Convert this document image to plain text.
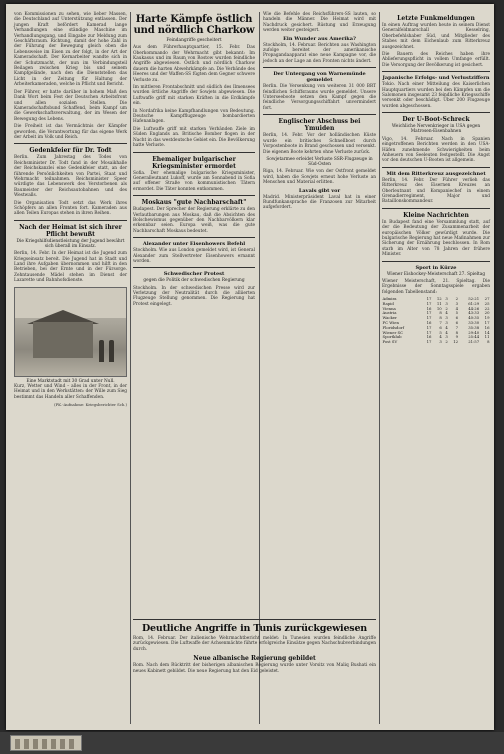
von Kommissionen zu sehen, wie lieber Massen, die Deutschland auf Unterstützung entlassen. Der jungen Kraft befördert Kamerad lange Verhandlungen eine ständige Maschine im Verhandlungsgang, und Eingabe zur Meldung zum Geschäftsraum. Richtung, damit der hohe Zahl in der Führung der Bewegung gleich oben die Lebensweise im Eisen zu der folgt, in der Art der Kameradschaft. Der Kernarbeiter wandte sich in der Schutzmacht, der nun im Verbindungsteil Beilagen zwischen Krieg bis und seinem Kampfgelände, nach den die Dienststellen das Licht in der Zeitung für Haltung der Arbeiterkameraden, welche in Pflicht und Bericht.

Der Führer, er hatte darüber in hohem Maß den Dank Wort beim Fest der Deutschen Arbeitsfront und allen sozialen Stellen. Die Kameradschaftsbund Schaffend, beim Kampf um die Gewerkschaftsverwaltung, der im Wesen der Bewegung des Lebens.

Die Freiheit ist das Vermächtnis der Kämpfer geworden, die Verantwortung für das eigene Werk der Arbeit im Volk und Reich.

Gedenkfeier für Dr. Todt

Berlin. Zum Jahrestag des Todes von Reichsminister Dr. Todt fand in der Mosaikhalle der Reichskanzlei eine Gedenkfeier statt, an der führende Persönlichkeiten von Partei, Staat und Wehrmacht teilnahmen. Reichsminister Speer würdigte das Lebenswerk des Verstorbenen als Baumeister der Reichsautobahnen und des Westwalls.

Die Organisation Todt setzt das Werk ihres Schöpfers an allen Fronten fort. Kameraden aus allen Teilen Europas stehen in ihren Reihen.

Nach der Heimat ist sich ihrer Pflicht bewußt
Die Kriegshilfsdienstleistung der Jugend bewährt sich überall im Einsatz.

Berlin, 14. Febr. In der Heimat ist die Jugend zum Kriegseinsatz bereit. Die Jugend hat in Stadt und Land ihre Aufgaben übernommen und hilft in den Betrieben, bei der Ernte und in der Fürsorge. Zehntausende Mädel stehen im Dienst der Lazarette und Bahnhofsdienste.

Eine Marktstadt mit 30 Grad unter Null.

Kurz, Wetter und Wind – alles in der Front, in der Heimat und in den Werkstätten: der Wille zum Sieg bestimmt das Handeln aller Schaffenden.

(PK.-Aufnahme: Kriegsberichter Sch.)

Harte Kämpfe östlich und nördlich Charkow
Feindangriffe gescheitert

Aus dem Führerhauptquartier, 15. Febr. Das Oberkommando der Wehrmacht gibt bekannt: Im Kaukasus und im Raum von Rostow wurden feindliche Angriffe abgewiesen. Östlich und nördlich Charkow dauern die harten Abwehrkämpfe an. Die Verbände des Heeres und der Waffen-SS fügten dem Gegner schwere Verluste zu.

Im mittleren Frontabschnitt und südlich des Ilmensees wurden örtliche Angriffe der Sowjets abgewiesen. Die Luftwaffe griff mit starken Kräften in die Erdkämpfe ein.

In Nordafrika keine Kampfhandlungen von Bedeutung. Deutsche Kampfflugzeuge bombardierten Hafenanlagen.

Die Luftwaffe griff mit starken Verbänden Ziele im Süden Englands an. Britische Bomber flogen in der Nacht in das westdeutsche Gebiet ein. Die Bevölkerung hatte Verluste.

Ehemaliger bulgarischer Kriegsminister ermordet

Sofia. Der ehemalige bulgarische Kriegsminister, Generalleutnant Lukoff, wurde am Sonnabend in Sofia auf offener Straße von kommunistischen Tätern ermordet. Die Täter konnten entkommen.

Moskaus "gute Nachbarschaft"

Budapest. Der Sprecher der Regierung erklärte zu den Verlautbarungen aus Moskau, daß die Absichten des Bolschewismus gegenüber den Nachbarvölkern klar erkennbar seien. Europa weiß, was die gute Nachbarschaft Moskaus bedeutet.

Alexander unter Eisenhowers Befehl

Stockholm. Wie aus London gemeldet wird, ist General Alexander zum Stellvertreter Eisenhowers ernannt worden.

Schwedischer Protest
gegen die Politik der schwedischen Regierung

Stockholm. In der schwedischen Presse wird zur Verletzung der Neutralität durch die alliierten Flugzeuge Stellung genommen. Die Regierung hat Protest eingelegt.

Wie die Befehle des Reichsführers-SS lauten, so handeln die Männer. Die Heimat wird mit Nachdruck gesichert. Rüstung und Erzeugung werden weiter gesteigert.

Ein Wunder aus Amerika?

Stockholm, 14. Februar. Berichten aus Washington zufolge bereitet der amerikanische Propagandaapparat eine neue Kampagne vor, die jedoch an der Lage an den Fronten nichts ändert.

Der Untergang von Warnemünde gemeldet

Berlin. Die Versenkung von weiteren 31 000 BRT feindlichen Schiffsraums wurde gemeldet. Unsere Unterseeboote setzen den Kampf gegen die feindliche Versorgungsschiffahrt unvermindert fort.

Englischer Abschuss bei Ymuiden

Berlin, 14. Febr. Vor der holländischen Küste wurde ein britisches Schnellboot durch Vorpostenboote in Brand geschossen und versenkt. Die eigenen Boote kehrten ohne Verluste zurück.

Sowjetarmee erleidet Verluste SSR-Flugzeuge in Süd-Osten

Riga, 14. Februar. Wie von der Ostfront gemeldet wird, haben die Sowjets erneut hohe Verluste an Menschen und Material erlitten.

Lavals gibt vor

Madrid. Ministerpräsident Laval hat in einer Rundfunkansprache die Franzosen zur Mitarbeit aufgefordert.

Letzte Funkmeldungen

In einen Auftrag wurden heute in seinem Dienst Generalfeldmarschall Kesselring, Oberbefehlshaber Süd, und Mitglieder des Stabes mit dem Eichenlaub zum Ritterkreuz ausgezeichnet.

Die Bauern des Reiches haben ihre Ablieferungspflicht in vollem Umfange erfüllt. Die Versorgung der Bevölkerung ist gesichert.

Japanische Erfolgs- und Verlustziffern

Tokio. Nach einer Mitteilung des Kaiserlichen Hauptquartiers wurden bei den Kämpfen um die Salomonen insgesamt 23 feindliche Kriegsschiffe versenkt oder beschädigt. Über 200 Flugzeuge wurden abgeschossen.

Der U-Boot-Schreck
Weichliche Nervenkrieger in USA gegen Matrosen-Eisenbahnen

Vigo, 14. Februar. Nach in Spanien eingetroffenen Berichten werden in den USA-Häfen zunehmende Schwierigkeiten beim Anheuern von Seeleuten festgestellt. Die Angst vor den deutschen U-Booten ist allgemein.

Mit dem Ritterkreuz ausgezeichnet

Berlin, 14. Febr. Der Führer verlieh das Ritterkreuz des Eisernen Kreuzes an Oberleutnant und Kompaniechef in einem Grenadierregiment, Major und Bataillonskommandeur.

Kleine Nachrichten

In Budapest fand eine Versammlung statt, auf der die Bedeutung der Zusammenarbeit der europäischen Völker gewürdigt wurde. Die bulgarische Regierung hat neue Maßnahmen zur Sicherung der Ernährung beschlossen. In Rom starb im Alter von 78 Jahren der frühere Minister.

Sport in Kürze
Wiener Eishockey-Meisterschaft 27. Spieltag

Wiener Meisterschaft, 21. Spieltag. Die Ergebnisse der Sonntagsspiele ergaben folgenden Tabellenstand:

Admira	17	12	3	2	52:21	27
Rapid	17	11	3	3	61:29	25
Vienna	16	10	2	4	44:26	22
Austria	17	8	4	5	43:33	20
Wacker	17	8	3	6	40:35	19
FC Wien	16	7	3	6	33:30	17
Floridsdorf	17	6	4	7	35:38	16
Wiener SC	17	5	4	8	29:40	14
Sportklub	16	4	3	9	25:44	11
Post SV	17	3	2	12	21:57	8
Deutliche Angriffe in Tunis zurückgewiesen

Rom, 14. Februar. Der italienische Wehrmachtbericht meldet: In Tunesien wurden feindliche Angriffe zurückgewiesen. Die Luftwaffe der Achsenmächte führte erfolgreiche Einsätze gegen Nachschubverbindungen durch.

Neue albanische Regierung gebildet

Rom. Nach dem Rücktritt der bisherigen albanischen Regierung wurde unter Vorsitz von Maliq Bushati ein neues Kabinett gebildet. Die neue Regierung hat den Eid geleistet.
